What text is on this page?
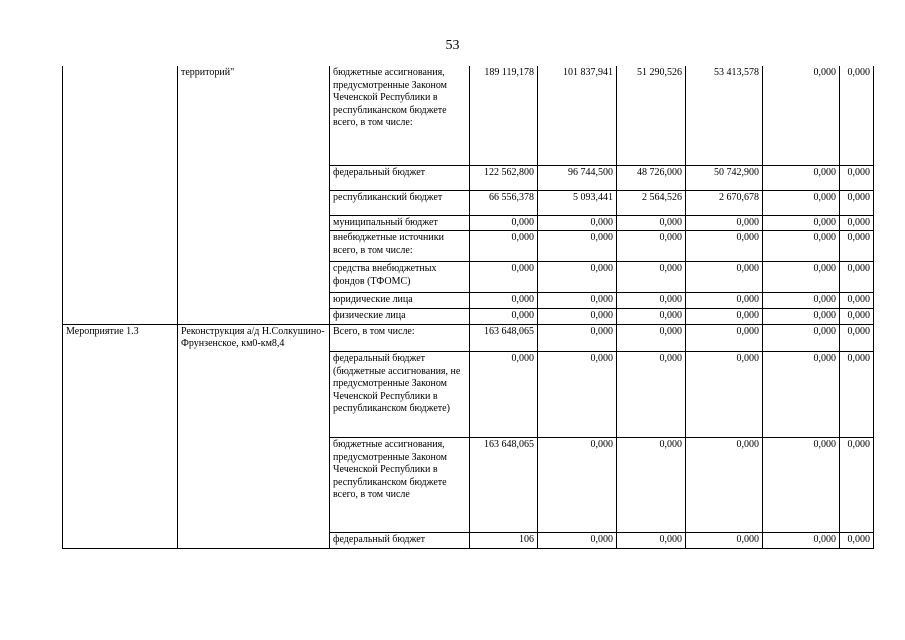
53
	территорий"	бюджетные ассигнования, предусмотренные Законом Чеченской Республики в республиканском бюджете всего, в том числе:	189 119,178	101 837,941	51 290,526	53 413,578	0,000	0,000
		федеральный бюджет	122 562,800	96 744,500	48 726,000	50 742,900	0,000	0,000
		республиканский бюджет	66 556,378	5 093,441	2 564,526	2 670,678	0,000	0,000
		муниципальный бюджет	0,000	0,000	0,000	0,000	0,000	0,000
		внебюджетные источники всего, в том числе:	0,000	0,000	0,000	0,000	0,000	0,000
		средства внебюджетных фондов (ТФОМС)	0,000	0,000	0,000	0,000	0,000	0,000
		юридические лица	0,000	0,000	0,000	0,000	0,000	0,000
		физические лица	0,000	0,000	0,000	0,000	0,000	0,000
Мероприятие 1.3	Реконструкция а/д Н.Солкушино-Фрунзенское, км0-км8,4	Всего, в том числе:	163 648,065	0,000	0,000	0,000	0,000	0,000
		федеральный бюджет (бюджетные ассигнования, не предусмотренные Законом Чеченской Республики в республиканском бюджете)	0,000	0,000	0,000	0,000	0,000	0,000
		бюджетные ассигнования, предусмотренные Законом Чеченской Республики в республиканском бюджете всего, в том числе	163 648,065	0,000	0,000	0,000	0,000	0,000
		федеральный бюджет	106	0,000	0,000	0,000	0,000	0,000
